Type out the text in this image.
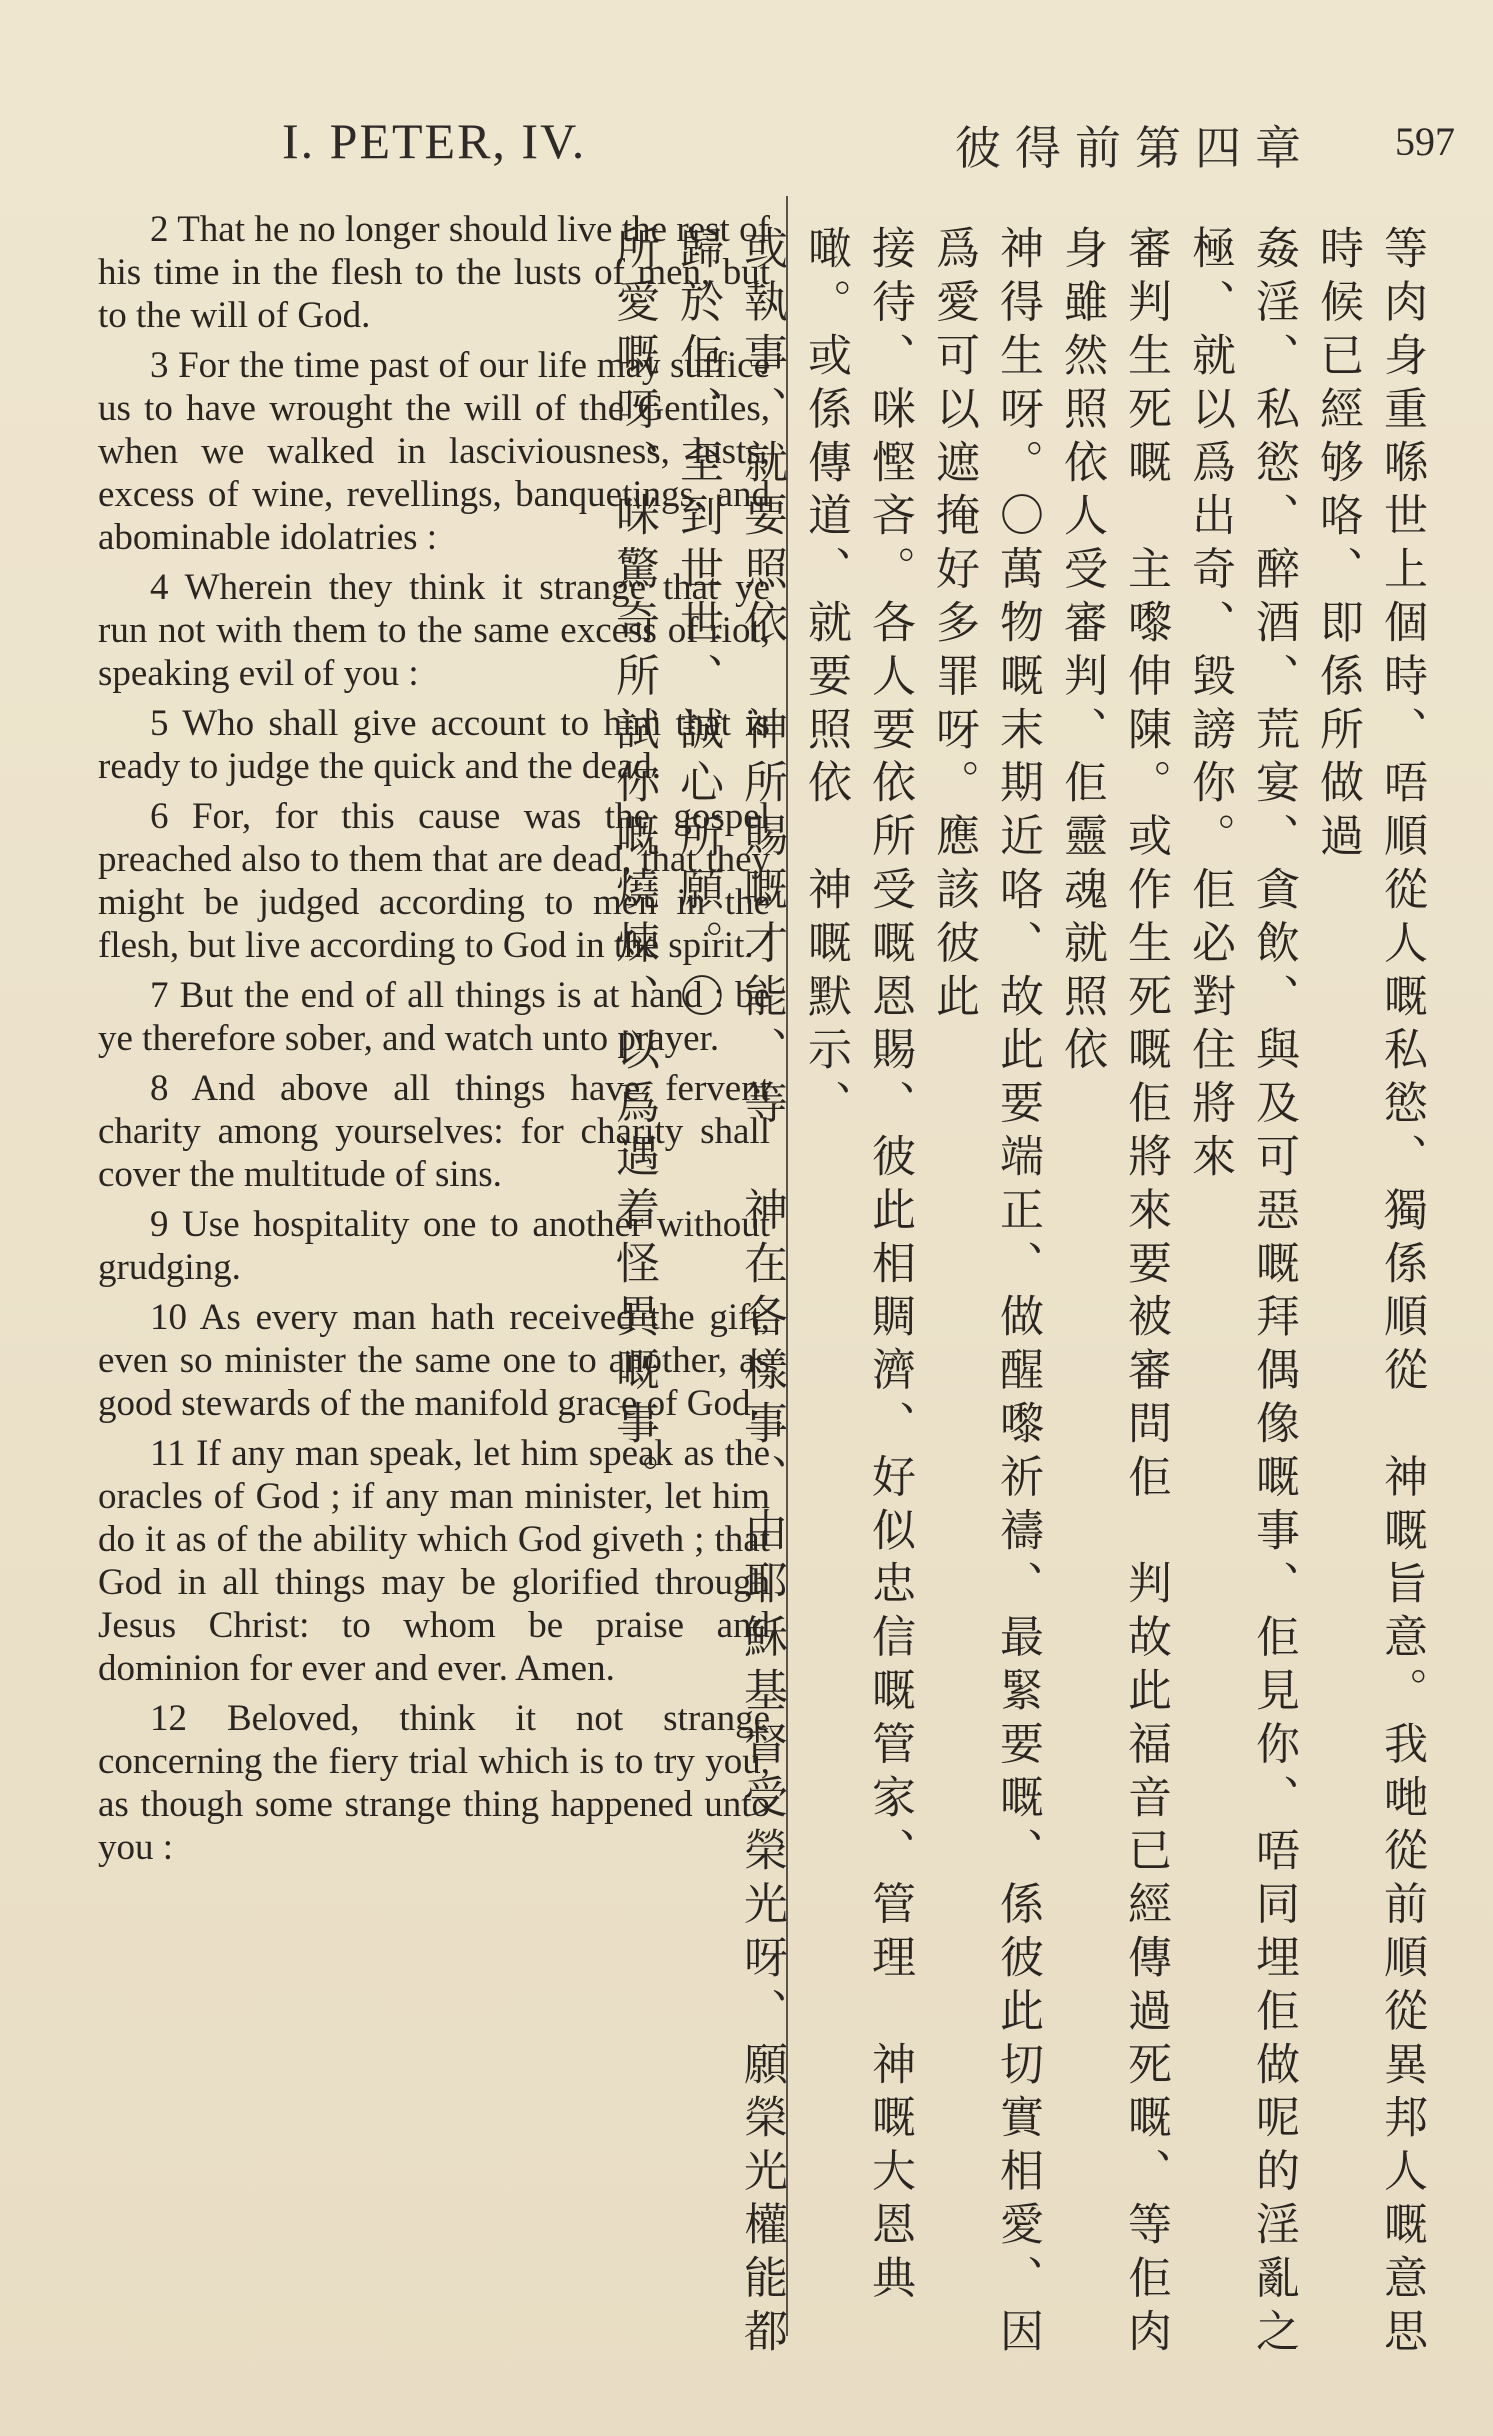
I. PETER, IV.	彼得前第四章 597

2 That he no longer should live the rest of his time in the flesh to the lusts of men, but to the will of God.

3 For the time past of our life may suffice us to have wrought the will of the Gentiles, when we walked in lasciviousness, lusts, excess of wine, revellings, banquetings, and abominable idolatries :

4 Wherein they think it strange that ye run not with them to the same excess of riot, speaking evil of you :

5 Who shall give account to him that is ready to judge the quick and the dead.

6 For, for this cause was the gospel preached also to them that are dead, that they might be judged according to men in the flesh, but live according to God in the spirit.

7 But the end of all things is at hand : be ye therefore sober, and watch unto prayer.

8 And above all things have fervent charity among yourselves: for charity shall cover the multitude of sins.

9 Use hospitality one to another without grudging.

10 As every man hath received the gift, even so minister the same one to another, as good stewards of the manifold grace of God.

11 If any man speak, let him speak as the oracles of God ; if any man minister, let him do it as of the ability which God giveth ; that God in all things may be glorified through Jesus Christ: to whom be praise and dominion for ever and ever. Amen.

12 Beloved, think it not strange concerning the fiery trial which is to try you, as though some strange thing happened unto you :	等肉身重喺世上個時、唔順從人嘅私慾、獨係順從　神嘅旨意。我哋從前順從異邦人嘅意思時候已經够咯、即係所做過

姦淫、私慾、醉酒、荒宴、貪飲、與及可惡嘅拜偶像嘅事、佢見你、唔同埋佢做呢的淫亂之極、就以爲出奇、毀謗你。佢必對住將來

審判生死嘅　主嚟伸陳。或作生死嘅佢將來要被審問佢　判故此福音已經傳過死嘅、等佢肉身雖然照依人受審判、佢靈魂就照依

神得生呀。〇萬物嘅末期近咯、故此要端正、做醒嚟祈禱、最緊要嘅、係彼此切實相愛、因爲愛可以遮掩好多罪呀。應該彼此

接待、咪慳吝。各人要依所受嘅恩賜、彼此相賙濟、好似忠信嘅管家、管理　神嘅大恩典噉。或係傳道、就要照依　神嘅默示、

或執事、就要照依　神所賜嘅才能、等　神在各樣事、由耶穌基督受榮光呀、願榮光權能都歸於佢、至到世世、誠心所願。〇

所愛嘅呀、咪驚奇所試你嘅燒煉、以爲遇着怪異嘅事。
